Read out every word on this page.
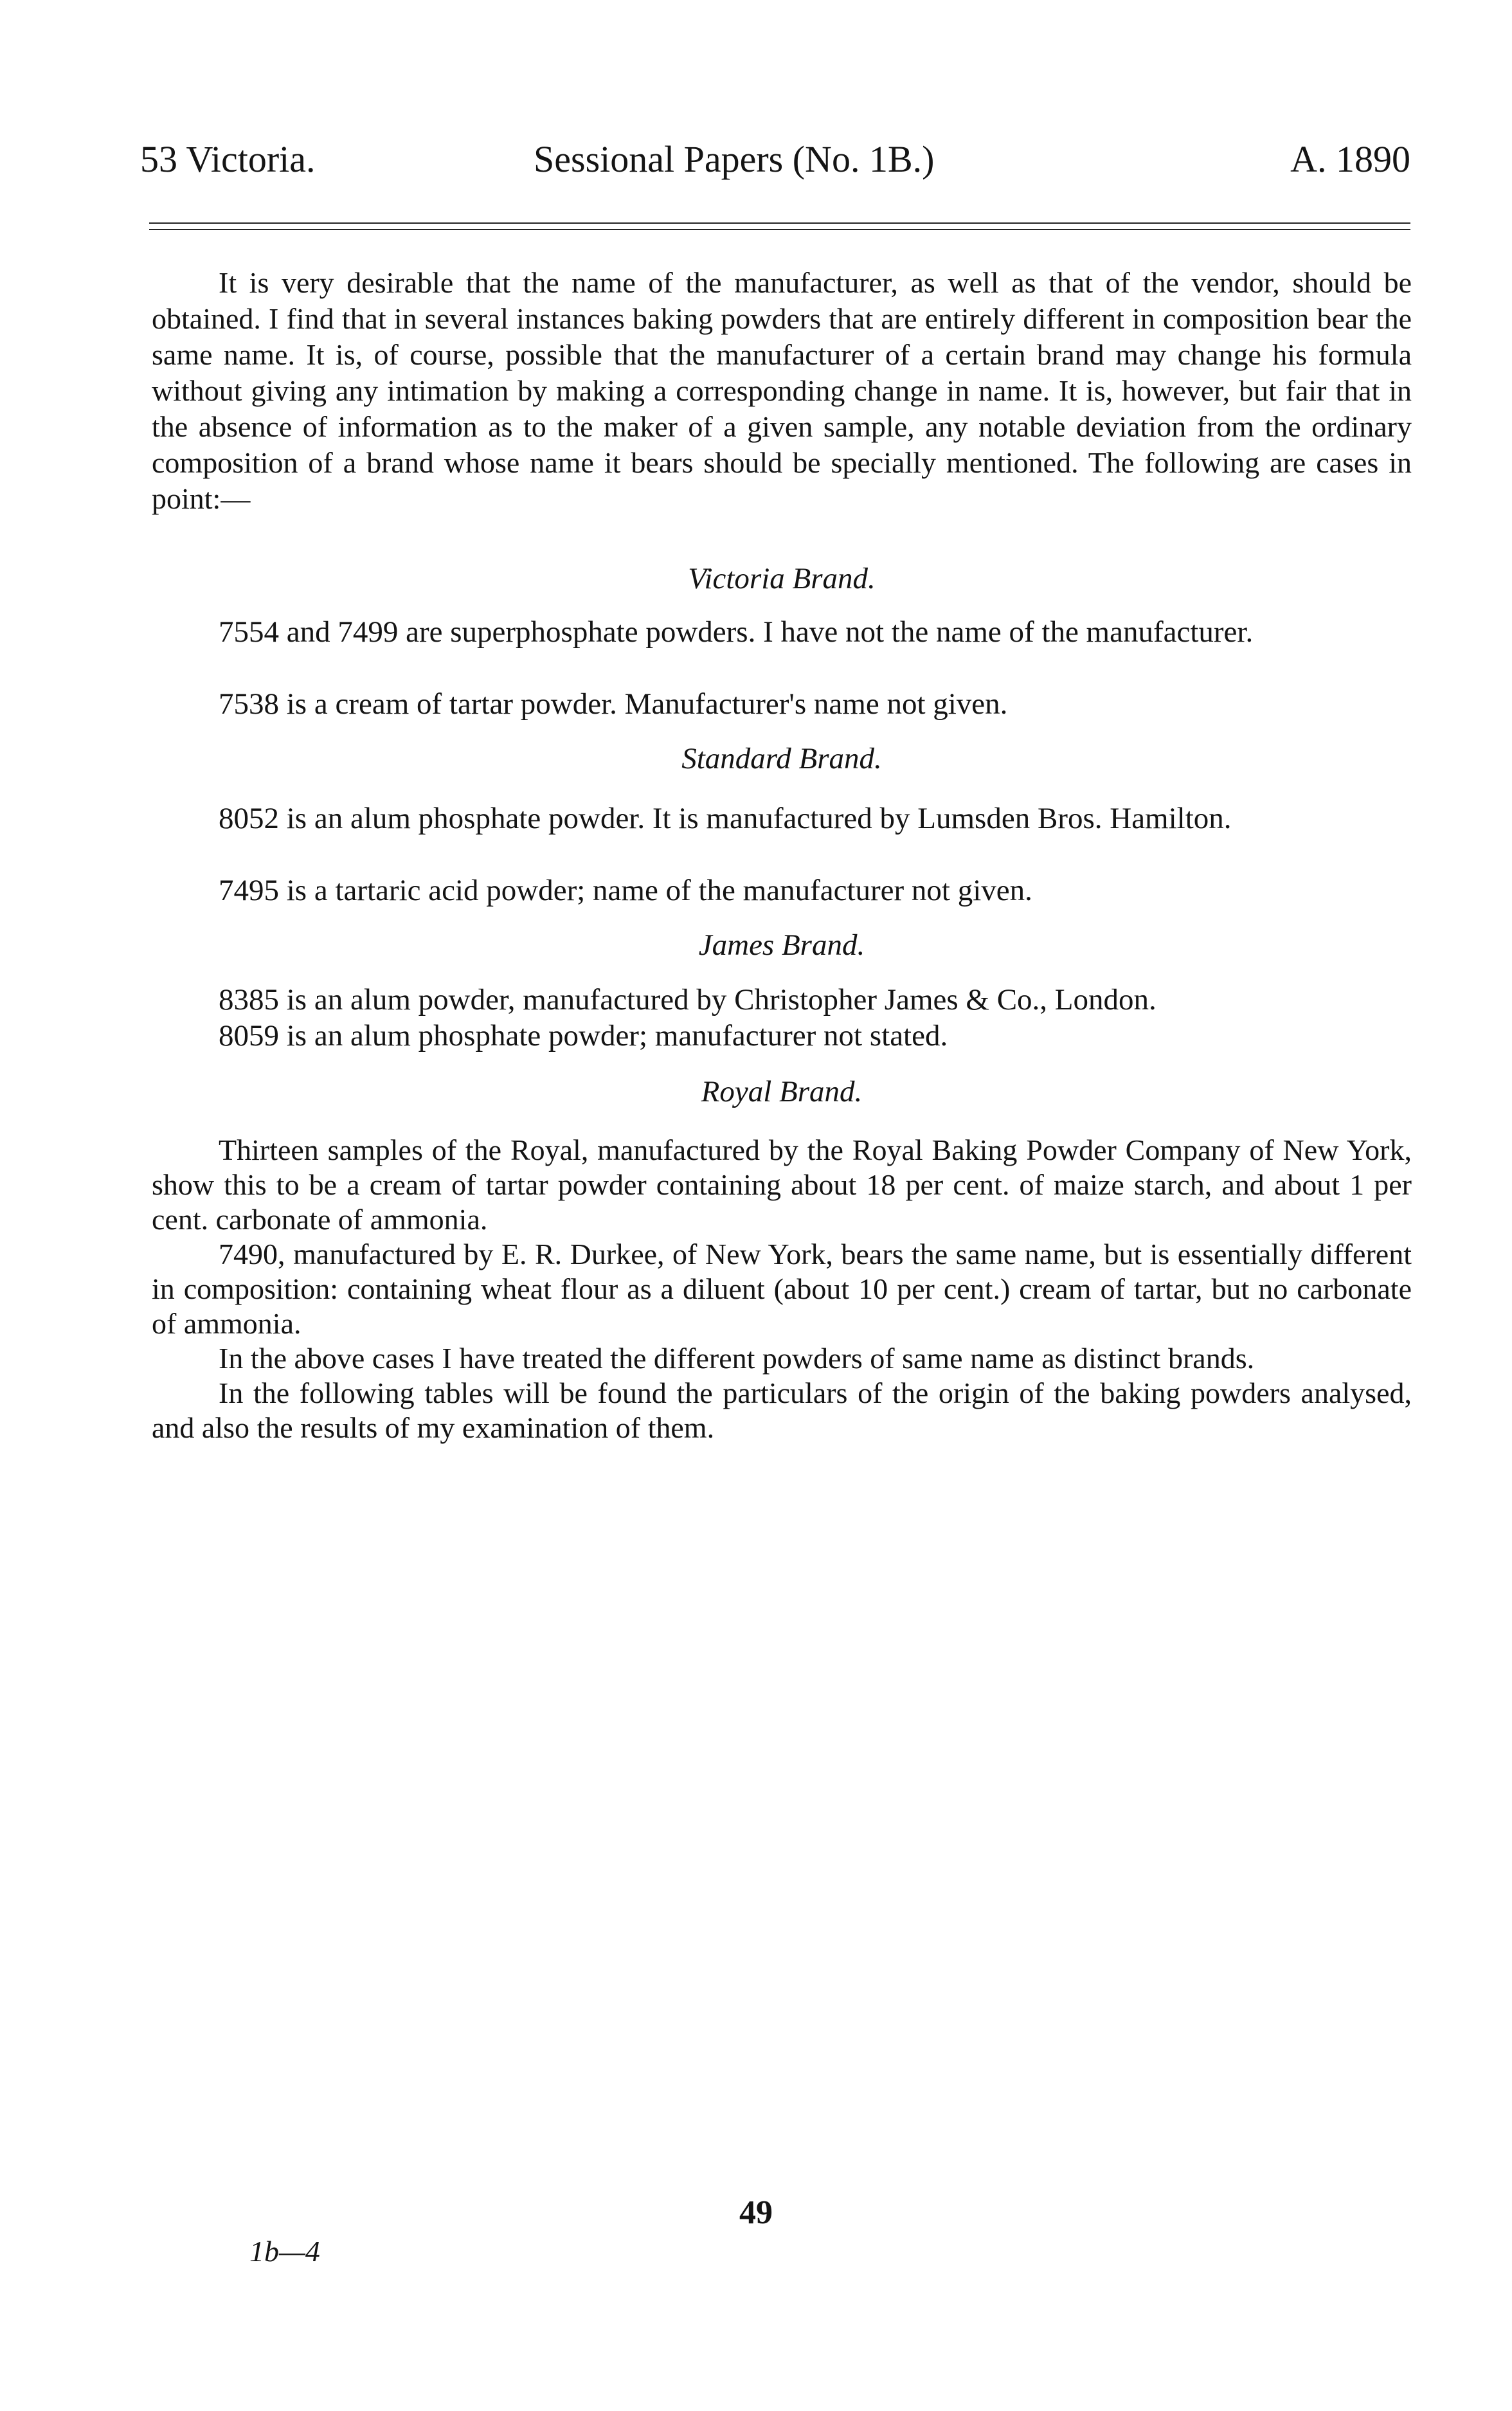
53 Victoria.	Sessional Papers (No. 1B.)	A. 1890

It is very desirable that the name of the manufacturer, as well as that of the vendor, should be obtained. I find that in several instances baking powders that are entirely different in composition bear the same name. It is, of course, possible that the manufacturer of a certain brand may change his formula without giving any intimation by making a corresponding change in name. It is, however, but fair that in the absence of information as to the maker of a given sample, any notable deviation from the ordinary composition of a brand whose name it bears should be specially mentioned. The following are cases in point:—

Victoria Brand.

7554 and 7499 are superphosphate powders. I have not the name of the manufacturer.

7538 is a cream of tartar powder. Manufacturer's name not given.

Standard Brand.

8052 is an alum phosphate powder. It is manufactured by Lumsden Bros. Hamilton.

7495 is a tartaric acid powder; name of the manufacturer not given.

James Brand.

8385 is an alum powder, manufactured by Christopher James & Co., London.

8059 is an alum phosphate powder; manufacturer not stated.

Royal Brand.

Thirteen samples of the Royal, manufactured by the Royal Baking Powder Company of New York, show this to be a cream of tartar powder containing about 18 per cent. of maize starch, and about 1 per cent. carbonate of ammonia.

7490, manufactured by E. R. Durkee, of New York, bears the same name, but is essentially different in composition: containing wheat flour as a diluent (about 10 per cent.) cream of tartar, but no carbonate of ammonia.

In the above cases I have treated the different powders of same name as distinct brands.

In the following tables will be found the particulars of the origin of the baking powders analysed, and also the results of my examination of them.

49
1b—4
